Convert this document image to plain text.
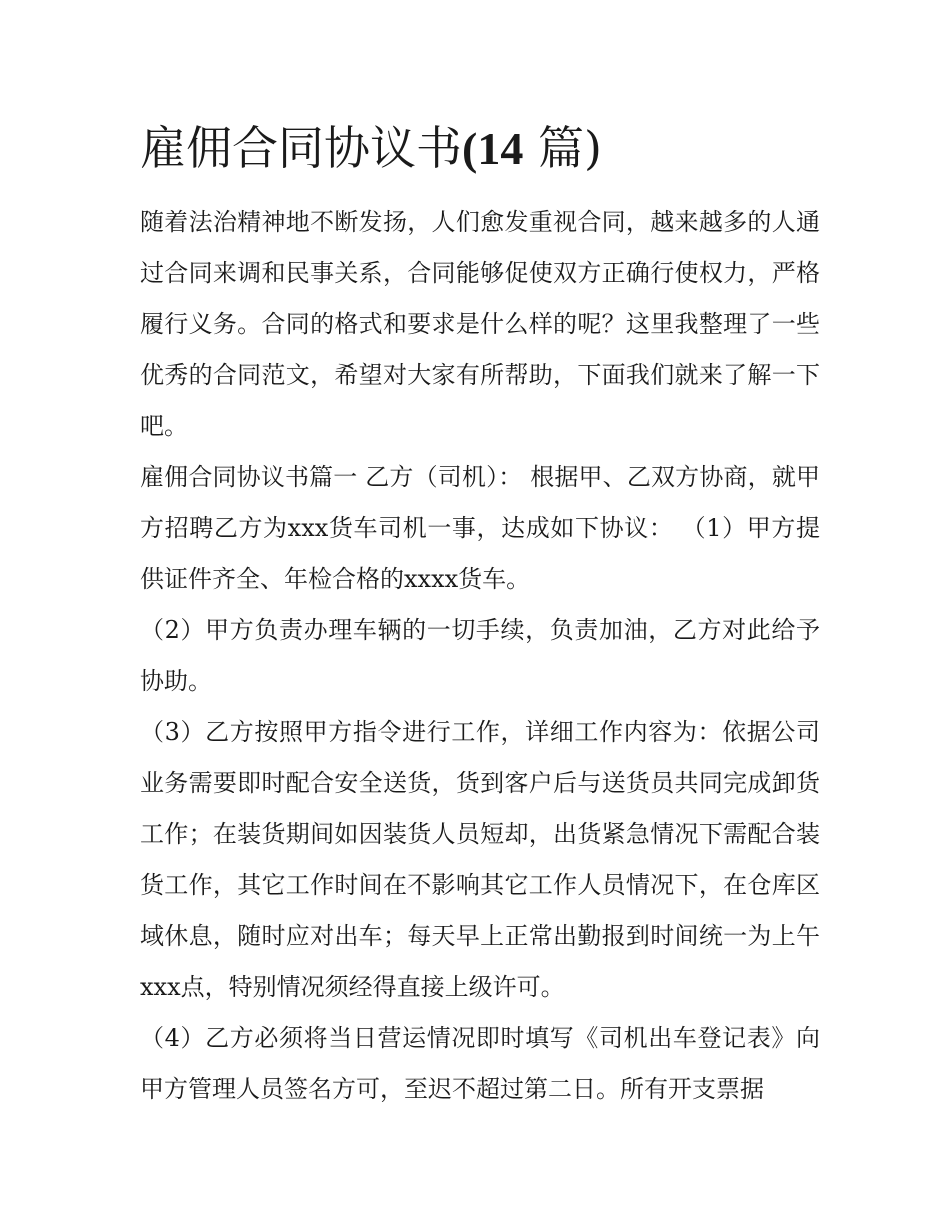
雇佣合同协议书(14 篇)

随着法治精神地不断发扬，人们愈发重视合同，越来越多的人通过合同来调和民事关系，合同能够促使双方正确行使权力，严格履行义务。合同的格式和要求是什么样的呢？这里我整理了一些优秀的合同范文，希望对大家有所帮助，下面我们就来了解一下吧。

雇佣合同协议书篇一 乙方（司机）： 根据甲、乙双方协商，就甲方招聘乙方为xxx货车司机一事，达成如下协议： （1）甲方提供证件齐全、年检合格的xxxx货车。

（2）甲方负责办理车辆的一切手续，负责加油，乙方对此给予协助。

（3）乙方按照甲方指令进行工作，详细工作内容为：依据公司业务需要即时配合安全送货，货到客户后与送货员共同完成卸货工作；在装货期间如因装货人员短却，出货紧急情况下需配合装货工作，其它工作时间在不影响其它工作人员情况下，在仓库区域休息，随时应对出车；每天早上正常出勤报到时间统一为上午xxx点，特别情况须经得直接上级许可。

（4）乙方必须将当日营运情况即时填写《司机出车登记表》向甲方管理人员签名方可，至迟不超过第二日。所有开支票据
